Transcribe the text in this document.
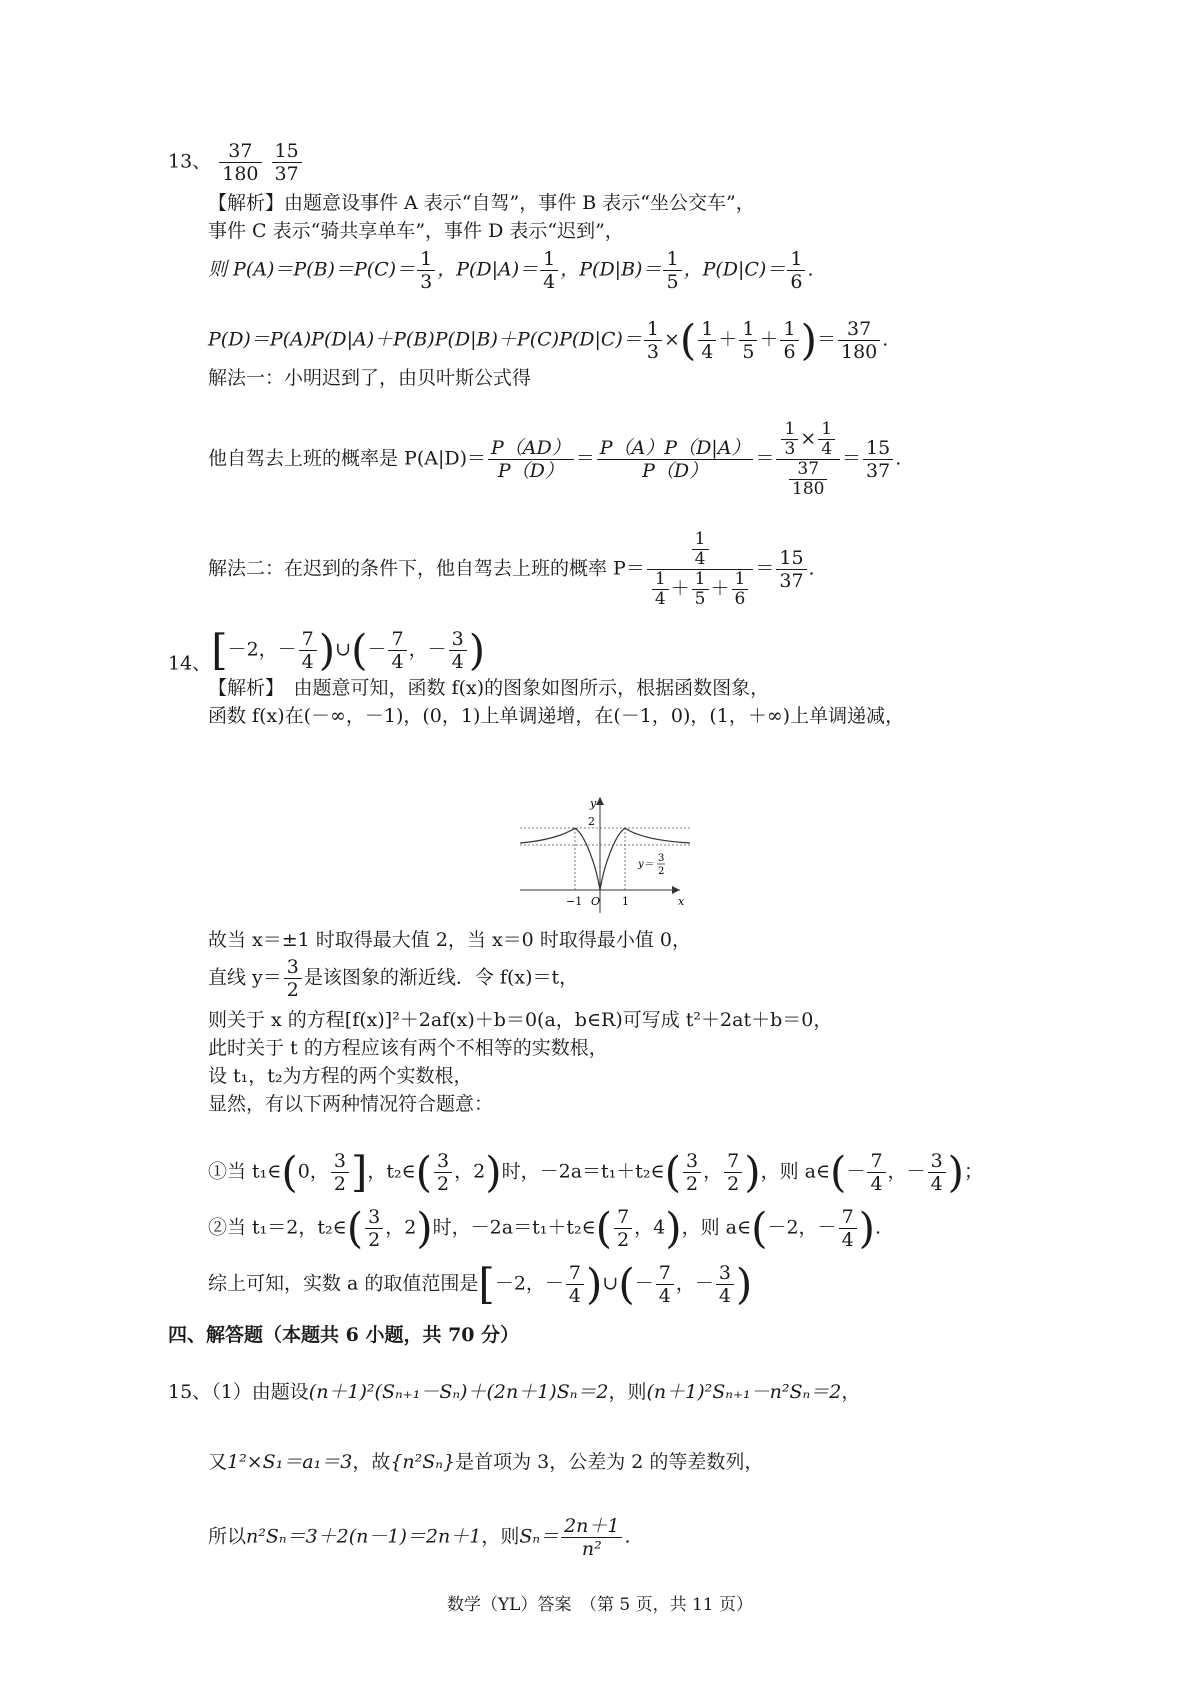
13、 $\frac{37}{180}$
$\frac{15}{37}$
【解析】由题意设事件 A 表示“自驾”，事件 B 表示“坐公交车”，
事件 C 表示“骑共享单车”，事件 D 表示“迟到”，
则 $P(A)=P(B)=P(C)= \frac{1}{3}$ ，$P(D|A)= \frac{1}{4}$ ，$P(D|B)= \frac{1}{5}$ ，$P(D|C)= \frac{1}{6}$ .
$P(D)=P(A)P(D|A)+P(B)P(D|B)+P(C)P(D|C)= \frac{1}{3}$ ×( $\frac{1}{4} + \frac{1}{5} + \frac{1}{6}$ )＝ $\frac{37}{180}$ .
解法一：小明迟到了，由贝叶斯公式得
他自驾去上班的概率是 $P(A|D)= \frac{P(AD)}{P(D)} = \frac{P(A)P(D|A)}{P(D)} = \frac{\frac{1}{3} \times \frac{1}{4}}{\frac{37}{180}} = \frac{15}{37}$ .
解法二：在迟到的条件下，他自驾去上班的概率 $P= \frac{\frac{1}{4}}{\frac{1}{4} + \frac{1}{5} + \frac{1}{6}} = \frac{15}{37}$ .
14、[－2，－ $\frac{7}{4}$ )∪(－ $\frac{7}{4}$ ，－ $\frac{3}{4}$ )
【解析】　由题意可知，函数 f(x)的图象如图所示，根据函数图象，
函数 f(x)在(－∞，－1)，(0，1)上单调递增，在(－1，0)，(1，＋∞)上单调递减，
y
x
2
−1 O 1
y＝
3
2
故当 x＝±1 时取得最大值 2，当 x＝0 时取得最小值 0，
直线 $y= \frac{3}{2}$ 是该图象的渐近线．令 f(x)＝t，
则关于 x 的方程[f(x)]²＋2af(x)＋b＝0(a，b∈R)可写成 t²＋2at＋b＝0，
此时关于 t 的方程应该有两个不相等的实数根，
设 t₁，t₂为方程的两个实数根，
显然，有以下两种情况符合题意：
①当 t₁∈(0， $\frac{3}{2}$ ]，t₂∈( $\frac{3}{2}$ ，2)时，－2a＝t₁＋t₂∈( $\frac{3}{2}$ ， $\frac{7}{2}$ )，则 a∈(－ $\frac{7}{4}$ ，－ $\frac{3}{4}$ )；
②当 t₁＝2，t₂∈( $\frac{3}{2}$ ，2)时，－2a＝t₁＋t₂∈( $\frac{7}{2}$ ，4)，则 a∈(－2，－ $\frac{7}{4}$ ).
综上可知，实数 a 的取值范围是[－2，－ $\frac{7}{4}$ )∪(－ $\frac{7}{4}$ ，－ $\frac{3}{4}$ )
四、解答题（本题共 6 小题，共 70 分）
15、（1）由题设(n＋1)²(Sₙ₊₁－Sₙ)＋(2n＋1)Sₙ＝2，则(n＋1)²Sₙ₊₁－n²Sₙ＝2，
又1²×S₁＝a₁＝3，故{n²Sₙ}是首项为 3，公差为 2 的等差数列，
所以n²Sₙ＝3＋2(n－1)＝2n＋1，则$S_n= \frac{2n+1}{\text{n²}}$ .
数学（YL）答案　（第 5 页，共 11 页）
